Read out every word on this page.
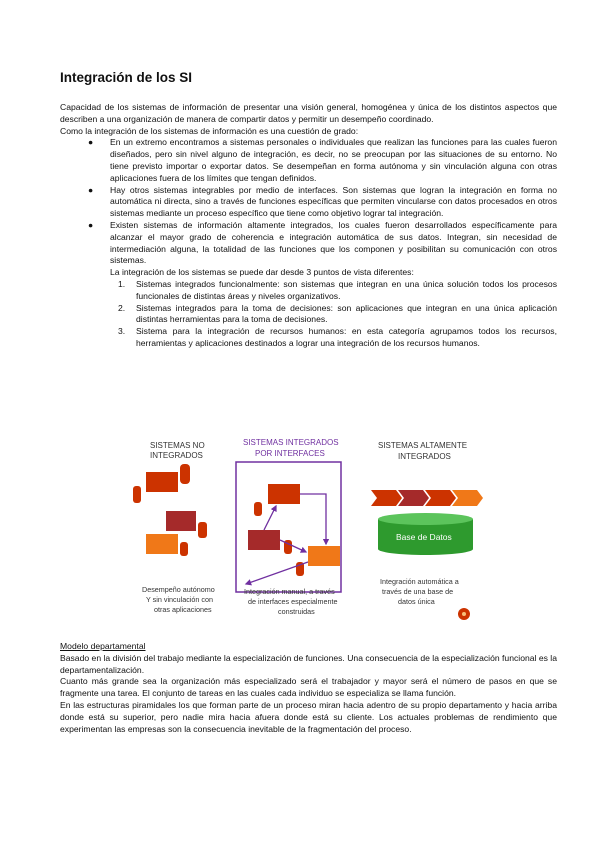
Integración de los SI

Capacidad de los sistemas de información de presentar una visión general, homogénea y única de los distintos aspectos que describen a una organización de manera de compartir datos y permitir un desempeño coordinado.

Como la integración de los sistemas de información es una cuestión de grado:

● En un extremo encontramos a sistemas personales o individuales que realizan las funciones para las cuales fueron diseñados, pero sin nivel alguno de integración, es decir, no se preocupan por las situaciones de su entorno. No tiene previsto importar o exportar datos. Se desempeñan en forma autónoma y sin vinculación alguna con otras aplicaciones fuera de los límites que tengan definidos.
● Hay otros sistemas integrables por medio de interfaces. Son sistemas que logran la integración en forma no automática ni directa, sino a través de funciones específicas que permiten vincularse con datos procesados en otros sistemas mediante un proceso específico que tiene como objetivo lograr tal integración.
● Existen sistemas de información altamente integrados, los cuales fueron desarrollados específicamente para alcanzar el mayor grado de coherencia e integración automática de sus datos. Integran, sin necesidad de intermediación alguna, la totalidad de las funciones que los componen y posibilitan su comunicación con otros sistemas.
La integración de los sistemas se puede dar desde 3 puntos de vista diferentes:
1. Sistemas integrados funcionalmente: son sistemas que integran en una única solución todos los procesos funcionales de distintas áreas y niveles organizativos.
2. Sistemas integrados para la toma de decisiones: son aplicaciones que integran en una única aplicación distintas herramientas para la toma de decisiones.
3. Sistema para la integración de recursos humanos: en esta categoría agrupamos todos los recursos, herramientas y aplicaciones destinados a lograr una integración de los recursos humanos.
SISTEMAS NO
INTEGRADOS
SISTEMAS INTEGRADOS
POR INTERFACES
SISTEMAS ALTAMENTE
INTEGRADOS
Base de Datos
Desempeño autónomo
Y sin vinculación con
otras aplicaciones
Integración manual, a través
de interfaces especialmente
construidas
Integración automática a
través de una base de
datos única

Modelo departamental

Basado en la división del trabajo mediante la especialización de funciones. Una consecuencia de la especialización funcional es la departamentalización.

Cuanto más grande sea la organización más especializado será el trabajador y mayor será el número de pasos en que se fragmente una tarea. El conjunto de tareas en las cuales cada individuo se especializa se llama función.

En las estructuras piramidales los que forman parte de un proceso miran hacia adentro de su propio departamento y hacia arriba donde está su superior, pero nadie mira hacia afuera donde está su cliente. Los actuales problemas de rendimiento que experimentan las empresas son la consecuencia inevitable de la fragmentación del proceso.
